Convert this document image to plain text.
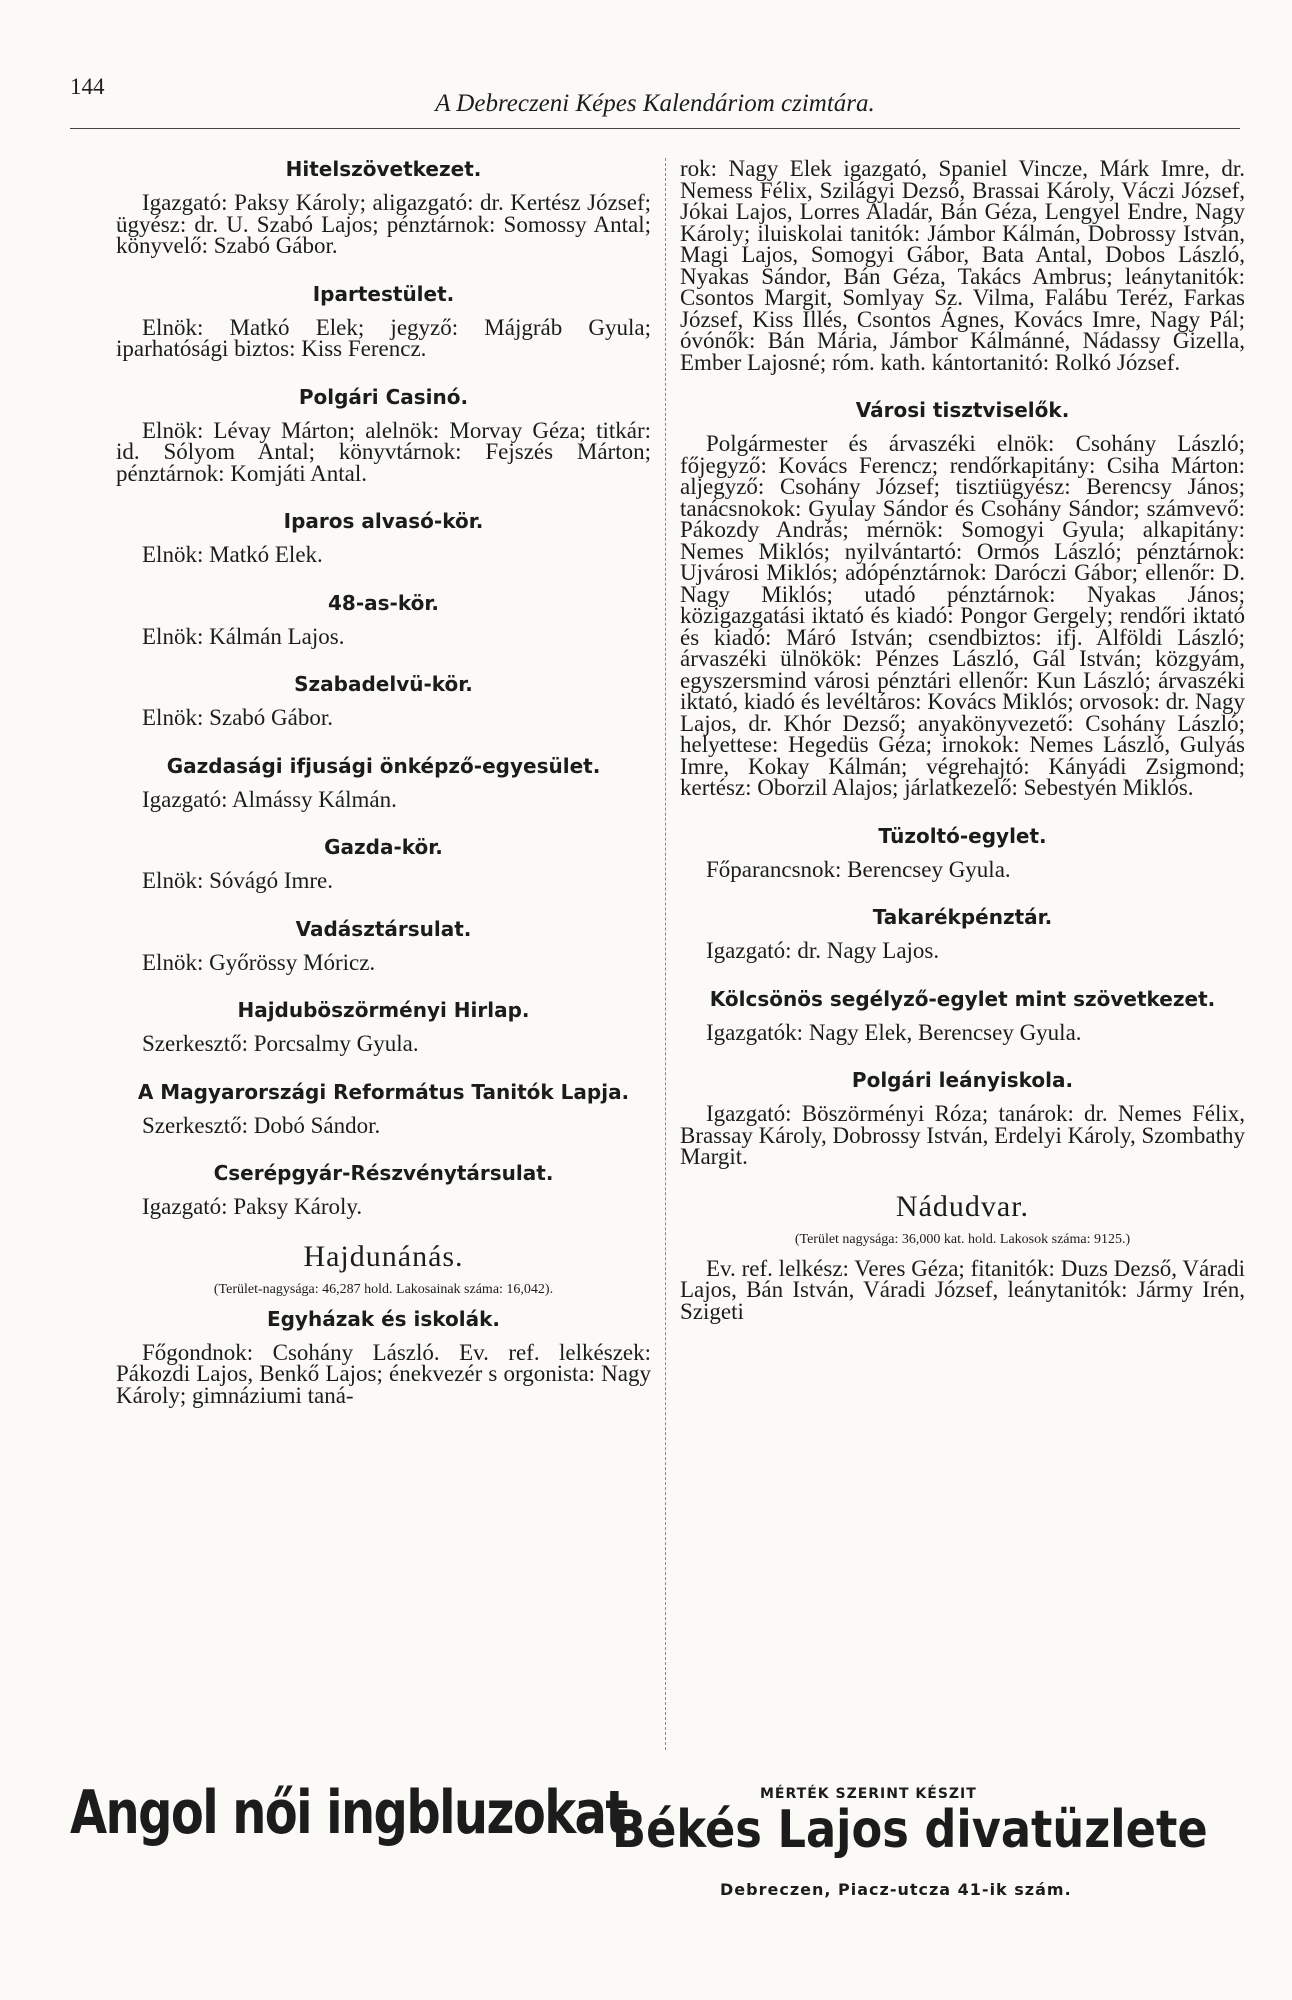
144
A Debreczeni Képes Kalendáriom czimtára.
Hitelszövetkezet.

Igazgató: Paksy Károly; aligazgató: dr. Kertész József; ügyész: dr. U. Szabó Lajos; pénztárnok: Somossy Antal; könyvelő: Szabó Gábor.

Ipartestület.

Elnök: Matkó Elek; jegyző: Májgráb Gyula; iparhatósági biztos: Kiss Ferencz.

Polgári Casinó.

Elnök: Lévay Márton; alelnök: Morvay Géza; titkár: id. Sólyom Antal; könyvtárnok: Fejszés Márton; pénztárnok: Komjáti Antal.

Iparos alvasó-kör.

Elnök: Matkó Elek.

48-as-kör.

Elnök: Kálmán Lajos.

Szabadelvü-kör.

Elnök: Szabó Gábor.

Gazdasági ifjusági önképző-egyesület.

Igazgató: Almássy Kálmán.

Gazda-kör.

Elnök: Sóvágó Imre.

Vadásztársulat.

Elnök: Győrössy Móricz.

Hajduböszörményi Hirlap.

Szerkesztő: Porcsalmy Gyula.

A Magyarországi Református Tanitók Lapja.

Szerkesztő: Dobó Sándor.

Cserépgyár-Részvénytársulat.

Igazgató: Paksy Károly.

Hajdunánás.

(Terület-nagysága: 46,287 hold. Lakosainak száma: 16,042).

Egyházak és iskolák.

Főgondnok: Csohány László. Ev. ref. lelkészek: Pákozdi Lajos, Benkő Lajos; énekvezér s orgonista: Nagy Károly; gimnáziumi taná-

rok: Nagy Elek igazgató, Spaniel Vincze, Márk Imre, dr. Nemess Félix, Szilágyi Dezső, Brassai Károly, Váczi József, Jókai Lajos, Lorres Aladár, Bán Géza, Lengyel Endre, Nagy Károly; iluiskolai tanitók: Jámbor Kálmán, Dobrossy István, Magi Lajos, Somogyi Gábor, Bata Antal, Dobos László, Nyakas Sándor, Bán Géza, Takács Ambrus; leánytanitók: Csontos Margit, Somlyay Sz. Vilma, Falábu Teréz, Farkas József, Kiss Illés, Csontos Ágnes, Kovács Imre, Nagy Pál; óvónők: Bán Mária, Jámbor Kálmánné, Nádassy Gizella, Ember Lajosné; róm. kath. kántortanitó: Rolkó József.

Városi tisztviselők.

Polgármester és árvaszéki elnök: Csohány László; főjegyző: Kovács Ferencz; rendőrkapitány: Csiha Márton: aljegyző: Csohány József; tisztiügyész: Berencsy János; tanácsnokok: Gyulay Sándor és Csohány Sándor; számvevő: Pákozdy András; mérnök: Somogyi Gyula; alkapitány: Nemes Miklós; nyilvántartó: Ormós László; pénztárnok: Ujvárosi Miklós; adópénztárnok: Daróczi Gábor; ellenőr: D. Nagy Miklós; utadó pénztárnok: Nyakas János; közigazgatási iktató és kiadó: Pongor Gergely; rendőri iktató és kiadó: Máró István; csendbiztos: ifj. Alföldi László; árvaszéki ülnökök: Pénzes László, Gál István; közgyám, egyszersmind városi pénztári ellenőr: Kun László; árvaszéki iktató, kiadó és levéltáros: Kovács Miklós; orvosok: dr. Nagy Lajos, dr. Khór Dezső; anyakönyvezető: Csohány László; helyettese: Hegedüs Géza; irnokok: Nemes László, Gulyás Imre, Kokay Kálmán; végrehajtó: Kányádi Zsigmond; kertész: Oborzil Alajos; járlatkezelő: Sebestyén Miklós.

Tüzoltó-egylet.

Főparancsnok: Berencsey Gyula.

Takarékpénztár.

Igazgató: dr. Nagy Lajos.

Kölcsönös segélyző-egylet mint szövetkezet.

Igazgatók: Nagy Elek, Berencsey Gyula.

Polgári leányiskola.

Igazgató: Böszörményi Róza; tanárok: dr. Nemes Félix, Brassay Károly, Dobrossy István, Erdelyi Károly, Szombathy Margit.

Nádudvar.

(Terület nagysága: 36,000 kat. hold. Lakosok száma: 9125.)

Ev. ref. lelkész: Veres Géza; fitanitók: Duzs Dezső, Váradi Lajos, Bán István, Váradi József, leánytanitók: Jármy Irén, Szigeti

Angol női ingbluzokat	MÉRTÉK SZERINT KÉSZIT
Békés Lajos divatüzlete
Debreczen, Piacz-utcza 41-ik szám.
